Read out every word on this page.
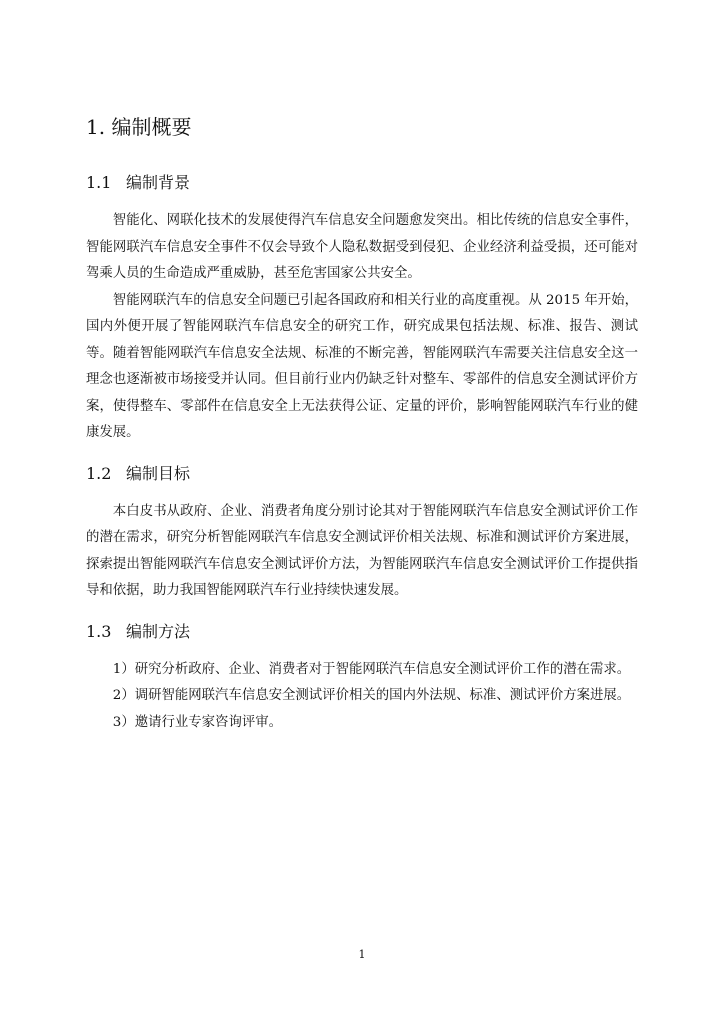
1. 编制概要
1.1 编制背景

智能化、网联化技术的发展使得汽车信息安全问题愈发突出。相比传统的信息安全事件，智能网联汽车信息安全事件不仅会导致个人隐私数据受到侵犯、企业经济利益受损，还可能对驾乘人员的生命造成严重威胁，甚至危害国家公共安全。

智能网联汽车的信息安全问题已引起各国政府和相关行业的高度重视。从 2015 年开始，国内外便开展了智能网联汽车信息安全的研究工作，研究成果包括法规、标准、报告、测试等。随着智能网联汽车信息安全法规、标准的不断完善，智能网联汽车需要关注信息安全这一理念也逐渐被市场接受并认同。但目前行业内仍缺乏针对整车、零部件的信息安全测试评价方案，使得整车、零部件在信息安全上无法获得公证、定量的评价，影响智能网联汽车行业的健康发展。

1.2 编制目标

本白皮书从政府、企业、消费者角度分别讨论其对于智能网联汽车信息安全测试评价工作的潜在需求，研究分析智能网联汽车信息安全测试评价相关法规、标准和测试评价方案进展，探索提出智能网联汽车信息安全测试评价方法，为智能网联汽车信息安全测试评价工作提供指导和依据，助力我国智能网联汽车行业持续快速发展。

1.3 编制方法

1）研究分析政府、企业、消费者对于智能网联汽车信息安全测试评价工作的潜在需求。

2）调研智能网联汽车信息安全测试评价相关的国内外法规、标准、测试评价方案进展。

3）邀请行业专家咨询评审。

1
